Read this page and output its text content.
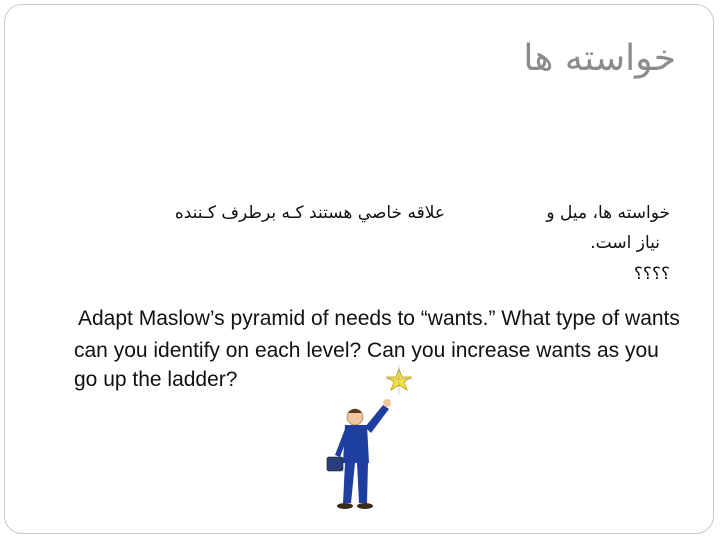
خواسته ها
خواسته ها، ميل و
علاقه خاصي هستند كـه برطرف كـننده
نياز است.
؟؟؟؟
Adapt Maslow’s pyramid of needs to “wants.” What type of wants can you identify on each level? Can you increase wants as you go up the ladder?
